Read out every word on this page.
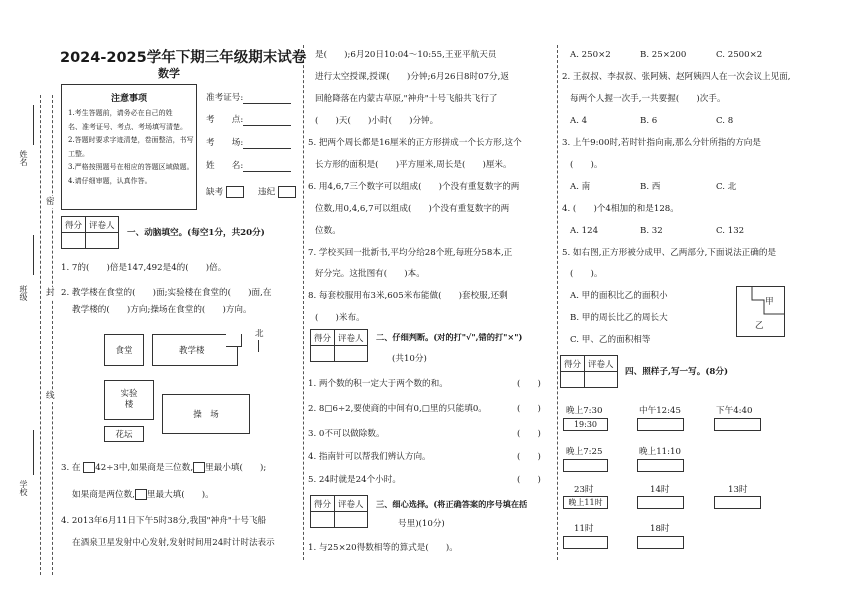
姓名
班级
学校
密
封
线
2024-2025学年下期三年级期末试卷
数学
注意事项
1.考生答题前，请务必在自己的姓
名、准考证号、考点、考场填写清楚。
2.答题时要求字迹清楚，卷面整洁，书写
工整。
3.严格按照题号在相应的答题区域做题。
4.请仔细审题，认真作答。
准考证号:
考　　点:
考　　场:
姓　　名:
缺考	违纪
得分	评卷人

一、动脑填空。(每空1分，共20分)
1. 7的(　　)倍是147,492是4的(　　)倍。
2. 教学楼在食堂的(　　)面;实验楼在食堂的(　　)面,在
教学楼的(　　)方向;操场在食堂的(　　)方向。
食堂	教学楼
实验楼
操　场
花坛
北
3. 在 42÷3中,如果商是三位数, 里最小填(　　);
如果商是两位数, 里最大填(　　)。
4. 2013年6月11日下午5时38分,我国"神舟"十号飞船
在酒泉卫星发射中心发射,发射时间用24时计时法表示
是(　　);6月20日10:04～10:55,王亚平航天员
进行太空授课,授课(　　)分钟;6月26日8时07分,返
回舱降落在内蒙古草原,"神舟"十号飞船共飞行了
(　　)天(　　)小时(　　)分钟。
5. 把两个周长都是16厘米的正方形拼成一个长方形,这个
长方形的面积是(　　)平方厘米,周长是(　　)厘米。
6. 用4,6,7三个数字可以组成(　　)个没有重复数字的两
位数,用0,4,6,7可以组成(　　)个没有重复数字的两
位数。
7. 学校买回一批新书,平均分给28个班,每班分58本,正
好分完。这批图有(　　)本。
8. 每套校服用布3米,605米布能做(　　)套校服,还剩
(　　)米布。
得分	评卷人
	二、仔细判断。(对的打"√",错的打"×")
(共10分)
1. 两个数的积一定大于两个数的和。	(　　)
2. 8□6÷2,要使商的中间有0,□里的只能填0。	(　　)
3. 0不可以做除数。	(　　)
4. 指南针可以帮我们辨认方向。	(　　)
5. 24时就是24个小时。	(　　)
得分	评卷人
	三、细心选择。(将正确答案的序号填在括
号里)(10分)
1. 与25×20得数相等的算式是(　　)。
A. 250×2	B. 25×200	C. 2500×2
2. 王叔叔、李叔叔、张阿姨、赵阿姨四人在一次会议上见面,
每两个人握一次手,一共要握(　　)次手。
A. 4	B. 6	C. 8
3. 上午9:00时,若时针指向南,那么分针所指的方向是
(　　)。
A. 南	B. 西	C. 北
4. (　　)个4相加的和是128。
A. 124	B. 32	C. 132
5. 如右图,正方形被分成甲、乙两部分,下面说法正确的是
(　　)。
A. 甲的面积比乙的面积小
B. 甲的周长比乙的周长大
C. 甲、乙的面积相等
甲
乙
得分	评卷人

四、照样子,写一写。(8分)
晚上7:30	中午12:45	下午4:40
19:30
晚上7:25	晚上11:10
23时	14时	13时
晚上11时
11时	18时
